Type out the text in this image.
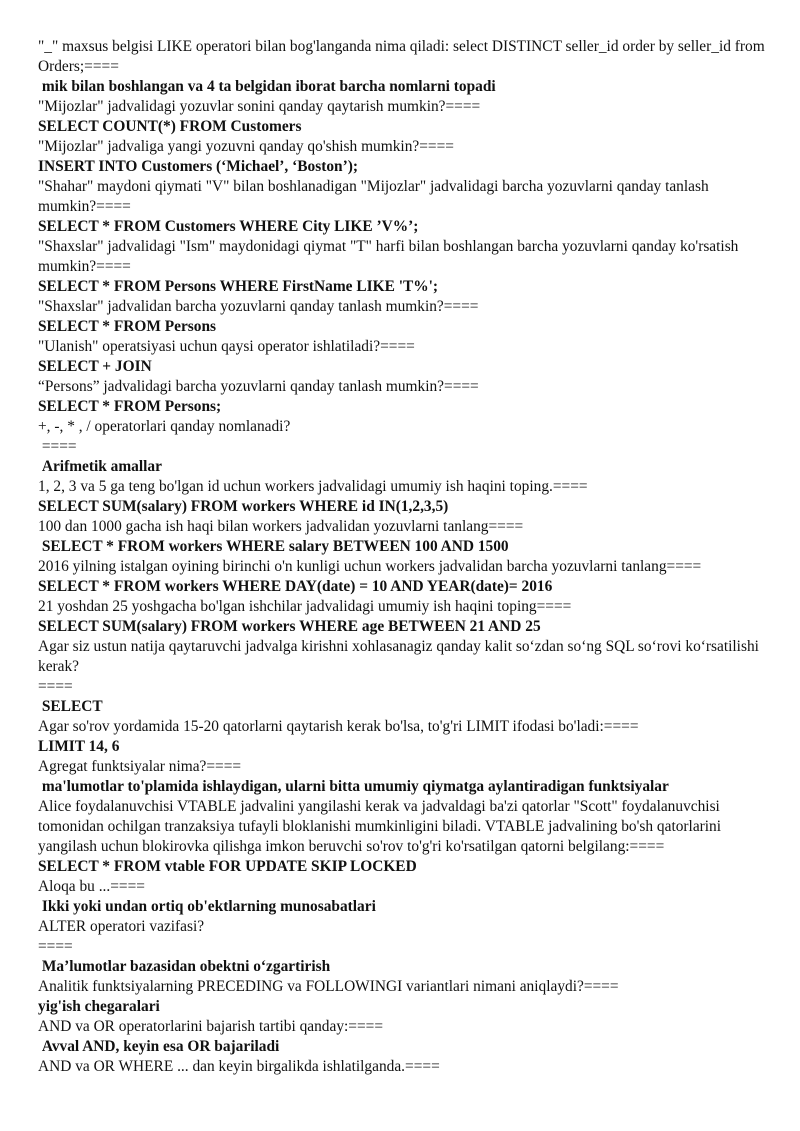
"_" maxsus belgisi LIKE operatori bilan bog'langanda nima qiladi: select DISTINCT seller_id order by seller_id from Orders;====
mik bilan boshlangan va 4 ta belgidan iborat barcha nomlarni topadi
"Mijozlar" jadvalidagi yozuvlar sonini qanday qaytarish mumkin?====
SELECT COUNT(*) FROM Customers
"Mijozlar" jadvaliga yangi yozuvni qanday qo'shish mumkin?====
INSERT INTO Customers (‘Michael’, ‘Boston’);
"Shahar" maydoni qiymati "V" bilan boshlanadigan "Mijozlar" jadvalidagi barcha yozuvlarni qanday tanlash mumkin?====
SELECT * FROM Customers WHERE City LIKE ’V%’;
"Shaxslar" jadvalidagi "Ism" maydonidagi qiymat "T" harfi bilan boshlangan barcha yozuvlarni qanday ko'rsatish mumkin?====
SELECT * FROM Persons WHERE FirstName LIKE 'T%';
"Shaxslar" jadvalidan barcha yozuvlarni qanday tanlash mumkin?====
SELECT * FROM Persons
"Ulanish" operatsiyasi uchun qaysi operator ishlatiladi?====
SELECT + JOIN
“Persons” jadvalidagi barcha yozuvlarni qanday tanlash mumkin?====
SELECT * FROM Persons;
+, -, * , / operatorlari qanday nomlanadi?
====
Arifmetik amallar
1, 2, 3 va 5 ga teng bo'lgan id uchun workers jadvalidagi umumiy ish haqini toping.====
SELECT SUM(salary) FROM workers WHERE id IN(1,2,3,5)
100 dan 1000 gacha ish haqi bilan workers jadvalidan yozuvlarni tanlang====
SELECT * FROM workers WHERE salary BETWEEN 100 AND 1500
2016 yilning istalgan oyining birinchi o'n kunligi uchun workers jadvalidan barcha yozuvlarni tanlang====
SELECT * FROM workers WHERE DAY(date) = 10 AND YEAR(date)= 2016
21 yoshdan 25 yoshgacha bo'lgan ishchilar jadvalidagi umumiy ish haqini toping====
SELECT SUM(salary) FROM workers WHERE age BETWEEN 21 AND 25
Agar siz ustun natija qaytaruvchi jadvalga kirishni xohlasanagiz qanday kalit so‘zdan so‘ng SQL so‘rovi ko‘rsatilishi kerak?
====
SELECT
Agar so'rov yordamida 15-20 qatorlarni qaytarish kerak bo'lsa, to'g'ri LIMIT ifodasi bo'ladi:====
LIMIT 14, 6
Agregat funktsiyalar nima?====
ma'lumotlar to'plamida ishlaydigan, ularni bitta umumiy qiymatga aylantiradigan funktsiyalar
Alice foydalanuvchisi VTABLE jadvalini yangilashi kerak va jadvaldagi ba'zi qatorlar "Scott" foydalanuvchisi tomonidan ochilgan tranzaksiya tufayli bloklanishi mumkinligini biladi. VTABLE jadvalining bo'sh qatorlarini yangilash uchun blokirovka qilishga imkon beruvchi so'rov to'g'ri ko'rsatilgan qatorni belgilang:====
SELECT * FROM vtable FOR UPDATE SKIP LOCKED
Aloqa bu ...====
Ikki yoki undan ortiq ob'ektlarning munosabatlari
ALTER operatori vazifasi?
====
Ma’lumotlar bazasidan obektni o‘zgartirish
Analitik funktsiyalarning PRECEDING va FOLLOWINGI variantlari nimani aniqlaydi?====
yig'ish chegaralari
AND va OR operatorlarini bajarish tartibi qanday:====
Avval AND, keyin esa OR bajariladi
AND va OR WHERE ... dan keyin birgalikda ishlatilganda.====
